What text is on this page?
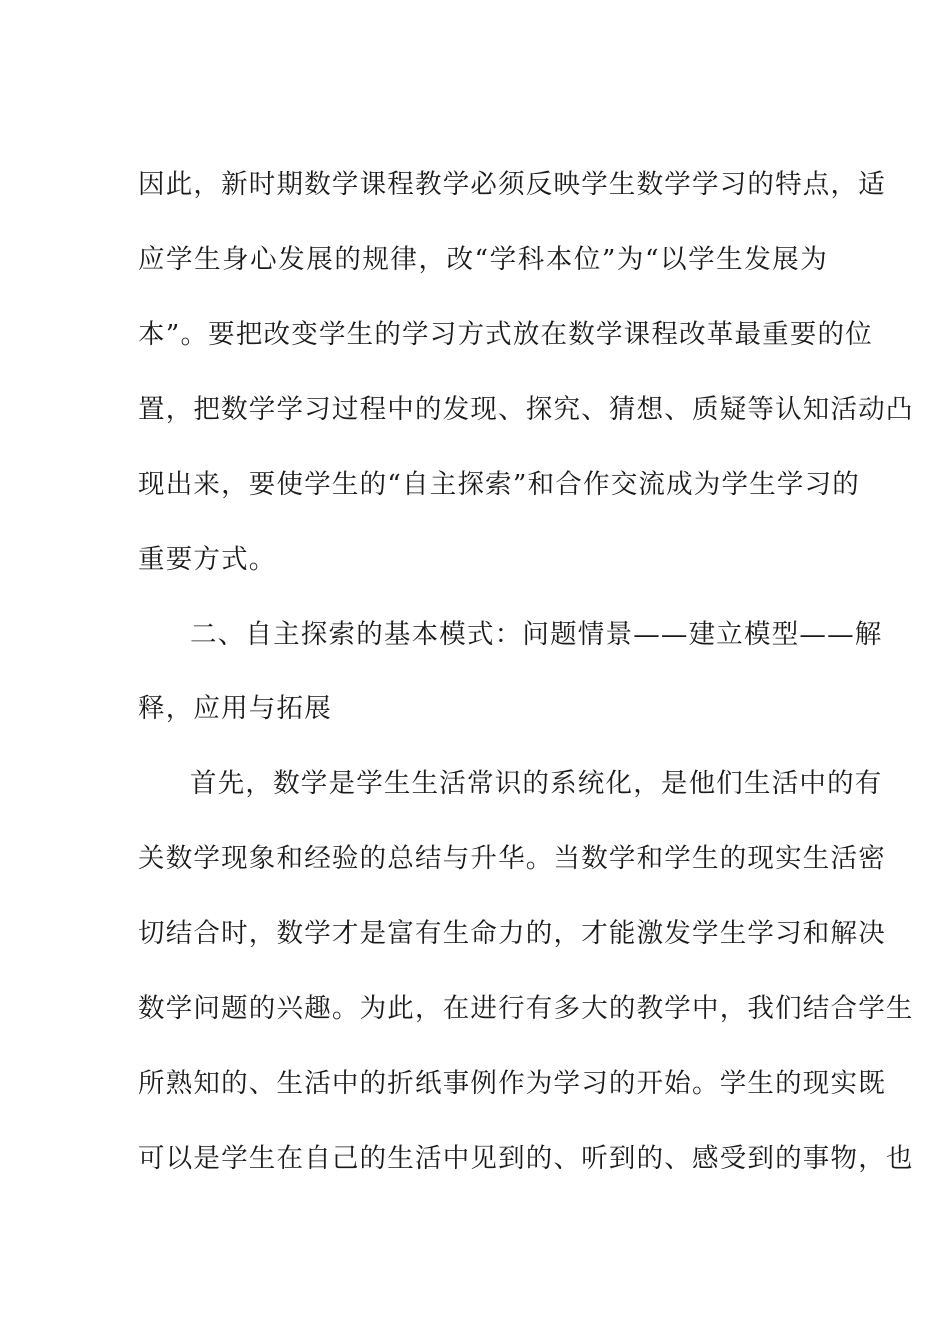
因此，新时期数学课程教学必须反映学生数学学习的特点，适
应学生身心发展的规律，改“学科本位”为“以学生发展为
本”。要把改变学生的学习方式放在数学课程改革最重要的位
置，把数学学习过程中的发现、探究、猜想、质疑等认知活动凸
现出来，要使学生的“自主探索”和合作交流成为学生学习的
重要方式。
二、自主探索的基本模式：问题情景——建立模型——解
释，应用与拓展
首先，数学是学生生活常识的系统化，是他们生活中的有
关数学现象和经验的总结与升华。当数学和学生的现实生活密
切结合时，数学才是富有生命力的，才能激发学生学习和解决
数学问题的兴趣。为此，在进行有多大的教学中，我们结合学生
所熟知的、生活中的折纸事例作为学习的开始。学生的现实既
可以是学生在自己的生活中见到的、听到的、感受到的事物，也
